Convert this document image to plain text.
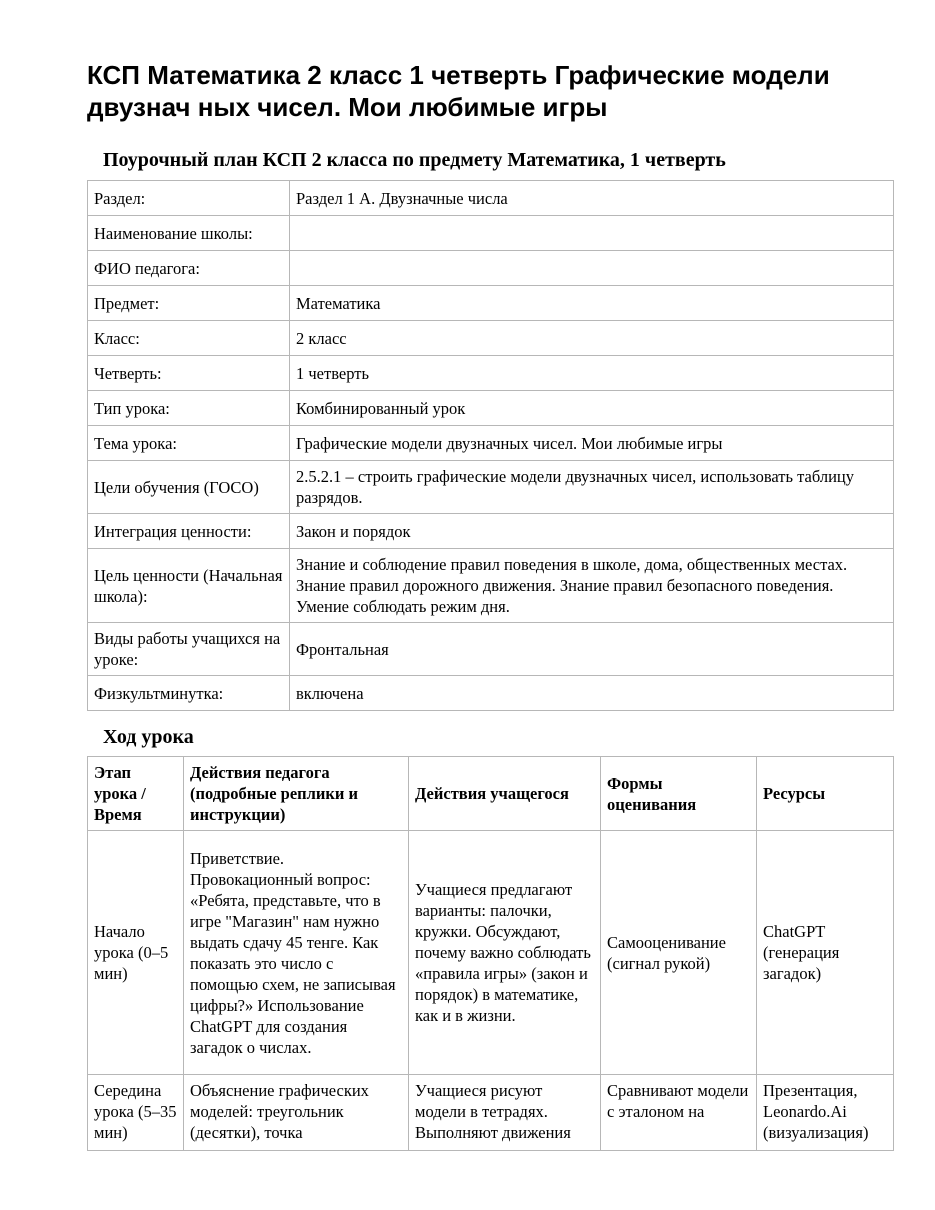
КСП Математика 2 класс 1 четверть Графические модели двузнач ных чисел. Мои любимые игры
Поурочный план КСП 2 класса по предмету Математика, 1 четверть
Раздел:	Раздел 1 А. Двузначные числа
Наименование школы:	
ФИО педагога:	
Предмет:	Математика
Класс:	2 класс
Четверть:	1 четверть
Тип урока:	Комбинированный урок
Тема урока:	Графические модели двузначных чисел. Мои любимые игры
Цели обучения (ГОСО)	2.5.2.1 – строить графические модели двузначных чисел, использовать таблицу разрядов.
Интеграция ценности:	Закон и порядок
Цель ценности (Начальная школа):	Знание и соблюдение правил поведения в школе, дома, общественных местах. Знание правил дорожного движения. Знание правил безопасного поведения. Умение соблюдать режим дня.
Виды работы учащихся на уроке:	Фронтальная
Физкультминутка:	включена
Ход урока
Этап урока / Время	Действия педагога (подробные реплики и инструкции)	Действия учащегося	Формы оценивания	Ресурсы
Начало урока (0–5 мин)	Приветствие. Провокационный вопрос: «Ребята, представьте, что в игре "Магазин" нам нужно выдать сдачу 45 тенге. Как показать это число с помощью схем, не записывая цифры?» Использование ChatGPT для создания загадок о числах.	Учащиеся предлагают варианты: палочки, кружки. Обсуждают, почему важно соблюдать «правила игры» (закон и порядок) в математике, как и в жизни.	Самооценивание (сигнал рукой)	ChatGPT (генерация загадок)
Середина урока (5–35 мин)	Объяснение графических моделей: треугольник (десятки), точка	Учащиеся рисуют модели в тетрадях. Выполняют движения	Сравнивают модели с эталоном на	Презентация, Leonardo.Ai (визуализация)
